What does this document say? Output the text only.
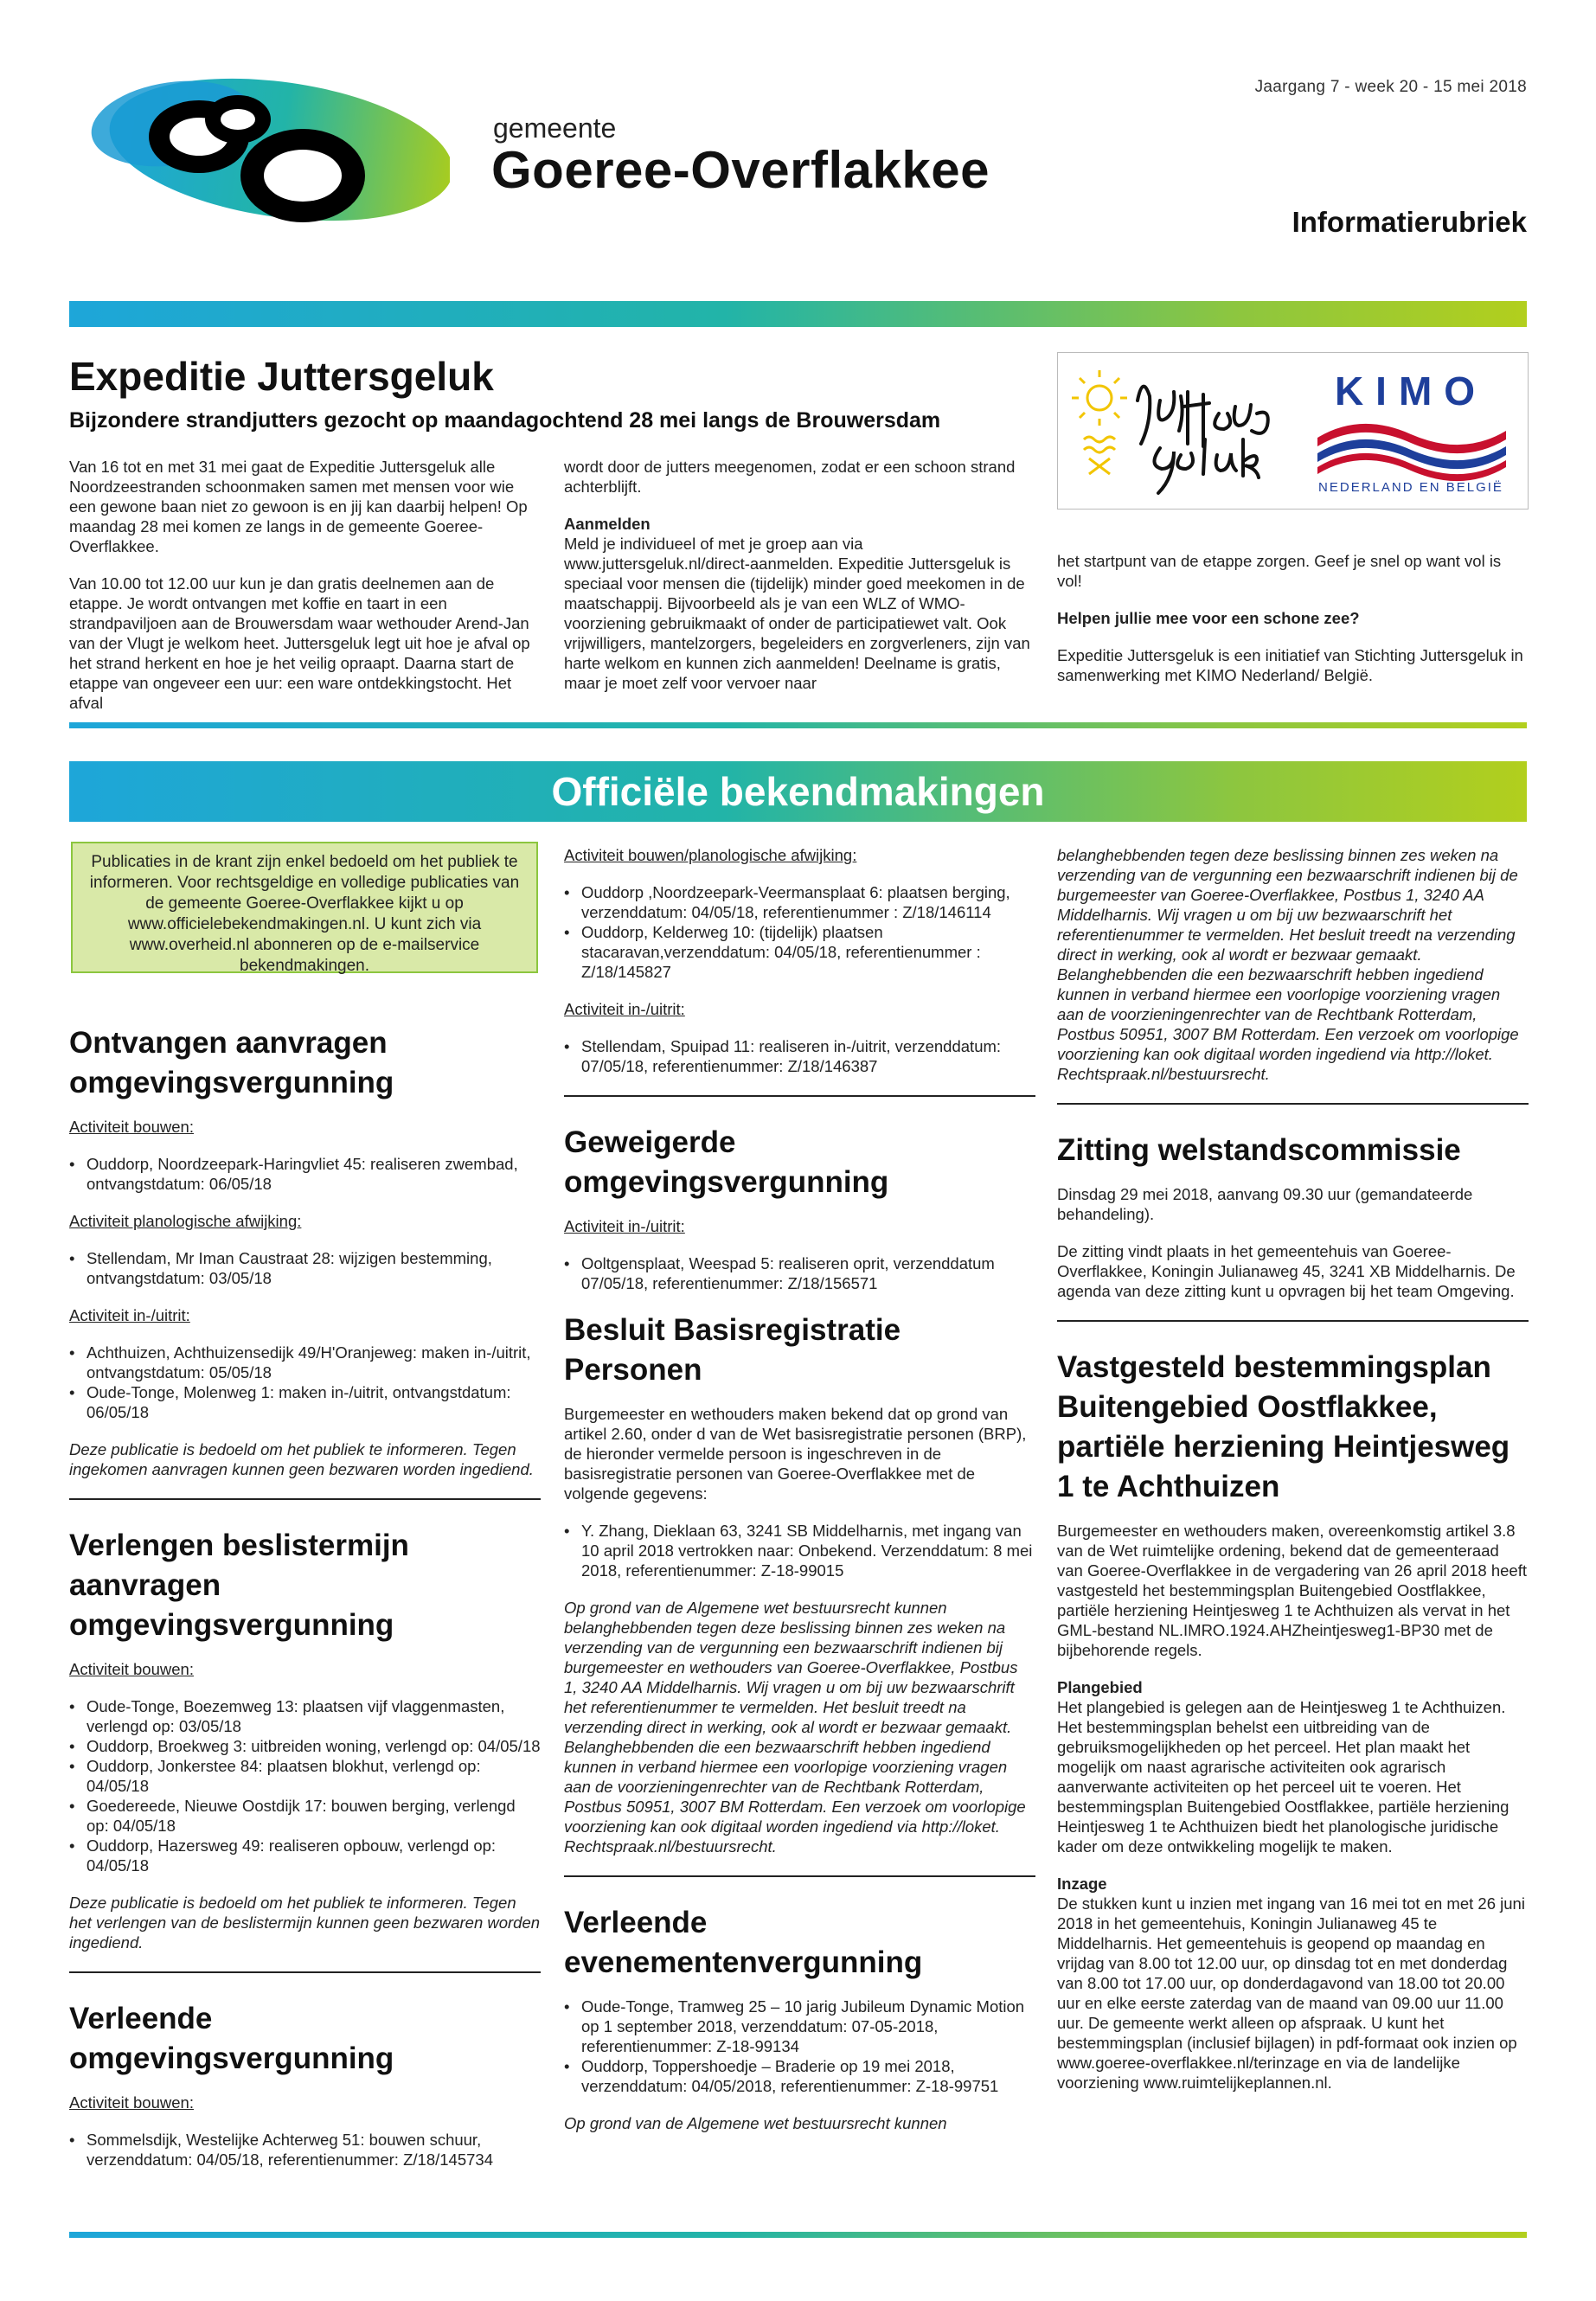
Jaargang 7 - week 20 - 15 mei 2018
gemeente
Goeree-Overflakkee
Informatierubriek
Expeditie Juttersgeluk
Bijzondere strandjutters gezocht op maandagochtend 28 mei langs de Brouwersdam

Van 16 tot en met 31 mei gaat de Expeditie Juttersgeluk alle Noordzeestranden schoonmaken samen met mensen voor wie een gewone baan niet zo gewoon is en jij kan daarbij helpen! Op maandag 28 mei komen ze langs in de gemeente Goeree-Overflakkee.

Van 10.00 tot 12.00 uur kun je dan gratis deelnemen aan de etappe. Je wordt ontvangen met koffie en taart in een strandpaviljoen aan de Brouwersdam waar wethouder Arend-Jan van der Vlugt je welkom heet. Juttersgeluk legt uit hoe je afval op het strand herkent en hoe je het veilig opraapt. Daarna start de etappe van ongeveer een uur: een ware ontdekkingstocht. Het afval

wordt door de jutters meegenomen, zodat er een schoon strand achterblijft.

Aanmelden

Meld je individueel of met je groep aan via www.juttersgeluk.nl/direct-aanmelden. Expeditie Juttersgeluk is speciaal voor mensen die (tijdelijk) minder goed meekomen in de maatschappij. Bijvoorbeeld als je van een WLZ of WMO-voorziening gebruikmaakt of onder de participatiewet valt. Ook vrijwilligers, mantelzorgers, begeleiders en zorgverleners, zijn van harte welkom en kunnen zich aanmelden! Deelname is gratis, maar je moet zelf voor vervoer naar

KIMO
NEDERLAND EN BELGIË

het startpunt van de etappe zorgen. Geef je snel op want vol is vol!

Helpen jullie mee voor een schone zee?

Expeditie Juttersgeluk is een initiatief van Stichting Juttersgeluk in samenwerking met KIMO Nederland/ België.

Officiële bekendmakingen
Publicaties in de krant zijn enkel bedoeld om het publiek te informeren. Voor rechtsgeldige en volledige publicaties van de gemeente Goeree-Overflakkee kijkt u op www.officielebekendmakingen.nl. U kunt zich via www.overheid.nl abonneren op de e-mailservice bekendmakingen.
Ontvangen aanvragen omgevingsvergunning
Activiteit bouwen:
• Ouddorp, Noordzeepark-Haringvliet 45: realiseren zwembad, ontvangstdatum: 06/05/18
Activiteit planologische afwijking:
• Stellendam, Mr Iman Caustraat 28: wijzigen bestemming, ontvangstdatum: 03/05/18
Activiteit in-/uitrit:
• Achthuizen, Achthuizensedijk 49/H'Oranjeweg: maken in-/uitrit, ontvangstdatum: 05/05/18
• Oude-Tonge, Molenweg 1: maken in-/uitrit, ontvangstdatum: 06/05/18
Deze publicatie is bedoeld om het publiek te informeren. Tegen ingekomen aanvragen kunnen geen bezwaren worden ingediend.
Verlengen beslistermijn aanvragen omgevingsvergunning
Activiteit bouwen:
• Oude-Tonge, Boezemweg 13: plaatsen vijf vlaggenmasten, verlengd op: 03/05/18
• Ouddorp, Broekweg 3: uitbreiden woning, verlengd op: 04/05/18
• Ouddorp, Jonkerstee 84: plaatsen blokhut, verlengd op: 04/05/18
• Goedereede, Nieuwe Oostdijk 17: bouwen berging, verlengd op: 04/05/18
• Ouddorp, Hazersweg 49: realiseren opbouw, verlengd op: 04/05/18
Deze publicatie is bedoeld om het publiek te informeren. Tegen het verlengen van de beslistermijn kunnen geen bezwaren worden ingediend.
Verleende omgevingsvergunning
Activiteit bouwen:
• Sommelsdijk, Westelijke Achterweg 51: bouwen schuur, verzenddatum: 04/05/18, referentienummer: Z/18/145734
Activiteit bouwen/planologische afwijking:
• Ouddorp ,Noordzeepark-Veermansplaat 6: plaatsen berging, verzenddatum: 04/05/18, referentienummer : Z/18/146114
• Ouddorp, Kelderweg 10: (tijdelijk) plaatsen stacaravan,verzenddatum: 04/05/18, referentienummer : Z/18/145827
Activiteit in-/uitrit:
• Stellendam, Spuipad 11: realiseren in-/uitrit, verzenddatum: 07/05/18, referentienummer: Z/18/146387
Geweigerde omgevingsvergunning
Activiteit in-/uitrit:
• Ooltgensplaat, Weespad 5: realiseren oprit, verzenddatum 07/05/18, referentienummer: Z/18/156571
Besluit Basisregistratie Personen

Burgemeester en wethouders maken bekend dat op grond van artikel 2.60, onder d van de Wet basisregistratie personen (BRP), de hieronder vermelde persoon is ingeschreven in de basisregistratie personen van Goeree-Overflakkee met de volgende gegevens:

• Y. Zhang, Dieklaan 63, 3241 SB Middelharnis, met ingang van 10 april 2018 vertrokken naar: Onbekend. Verzenddatum: 8 mei 2018, referentienummer: Z-18-99015
Op grond van de Algemene wet bestuursrecht kunnen belanghebbenden tegen deze beslissing binnen zes weken na verzending van de vergunning een bezwaarschrift indienen bij burgemeester en wethouders van Goeree-Overflakkee, Postbus 1, 3240 AA Middelharnis. Wij vragen u om bij uw bezwaarschrift het referentienummer te vermelden. Het besluit treedt na verzending direct in werking, ook al wordt er bezwaar gemaakt. Belanghebbenden die een bezwaarschrift hebben ingediend kunnen in verband hiermee een voorlopige voorziening vragen aan de voorzieningenrechter van de Rechtbank Rotterdam, Postbus 50951, 3007 BM Rotterdam. Een verzoek om voorlopige voorziening kan ook digitaal worden ingediend via http://loket. Rechtspraak.nl/bestuursrecht.
Verleende evenementenvergunning
• Oude-Tonge, Tramweg 25 – 10 jarig Jubileum Dynamic Motion op 1 september 2018, verzenddatum: 07-05-2018, referentienummer: Z-18-99134
• Ouddorp, Toppershoedje – Braderie op 19 mei 2018, verzenddatum: 04/05/2018, referentienummer: Z-18-99751
Op grond van de Algemene wet bestuursrecht kunnen
belanghebbenden tegen deze beslissing binnen zes weken na verzending van de vergunning een bezwaarschrift indienen bij de burgemeester van Goeree-Overflakkee, Postbus 1, 3240 AA Middelharnis. Wij vragen u om bij uw bezwaarschrift het referentienummer te vermelden. Het besluit treedt na verzending direct in werking, ook al wordt er bezwaar gemaakt. Belanghebbenden die een bezwaarschrift hebben ingediend kunnen in verband hiermee een voorlopige voorziening vragen aan de voorzieningenrechter van de Rechtbank Rotterdam, Postbus 50951, 3007 BM Rotterdam. Een verzoek om voorlopige voorziening kan ook digitaal worden ingediend via http://loket. Rechtspraak.nl/bestuursrecht.
Zitting welstandscommissie

Dinsdag 29 mei 2018, aanvang 09.30 uur (gemandateerde behandeling).

De zitting vindt plaats in het gemeentehuis van Goeree-Overflakkee, Koningin Julianaweg 45, 3241 XB Middelharnis. De agenda van deze zitting kunt u opvragen bij het team Omgeving.

Vastgesteld bestemmingsplan Buitengebied Oostflakkee, partiële herziening Heintjesweg 1 te Achthuizen

Burgemeester en wethouders maken, overeenkomstig artikel 3.8 van de Wet ruimtelijke ordening, bekend dat de gemeenteraad van Goeree-Overflakkee in de vergadering van 26 april 2018 heeft vastgesteld het bestemmingsplan Buitengebied Oostflakkee, partiële herziening Heintjesweg 1 te Achthuizen als vervat in het GML-bestand NL.IMRO.1924.AHZheintjesweg1-BP30 met de bijbehorende regels.

Plangebied

Het plangebied is gelegen aan de Heintjesweg 1 te Achthuizen. Het bestemmingsplan behelst een uitbreiding van de gebruiksmogelijkheden op het perceel. Het plan maakt het mogelijk om naast agrarische activiteiten ook agrarisch aanverwante activiteiten op het perceel uit te voeren. Het bestemmingsplan Buitengebied Oostflakkee, partiële herziening Heintjesweg 1 te Achthuizen biedt het planologische juridische kader om deze ontwikkeling mogelijk te maken.

Inzage

De stukken kunt u inzien met ingang van 16 mei tot en met 26 juni 2018 in het gemeentehuis, Koningin Julianaweg 45 te Middelharnis. Het gemeentehuis is geopend op maandag en vrijdag van 8.00 tot 12.00 uur, op dinsdag tot en met donderdag van 8.00 tot 17.00 uur, op donderdagavond van 18.00 tot 20.00 uur en elke eerste zaterdag van de maand van 09.00 uur 11.00 uur. De gemeente werkt alleen op afspraak. U kunt het bestemmingsplan (inclusief bijlagen) in pdf-formaat ook inzien op www.goeree-overflakkee.nl/terinzage en via de landelijke voorziening www.ruimtelijkeplannen.nl.
